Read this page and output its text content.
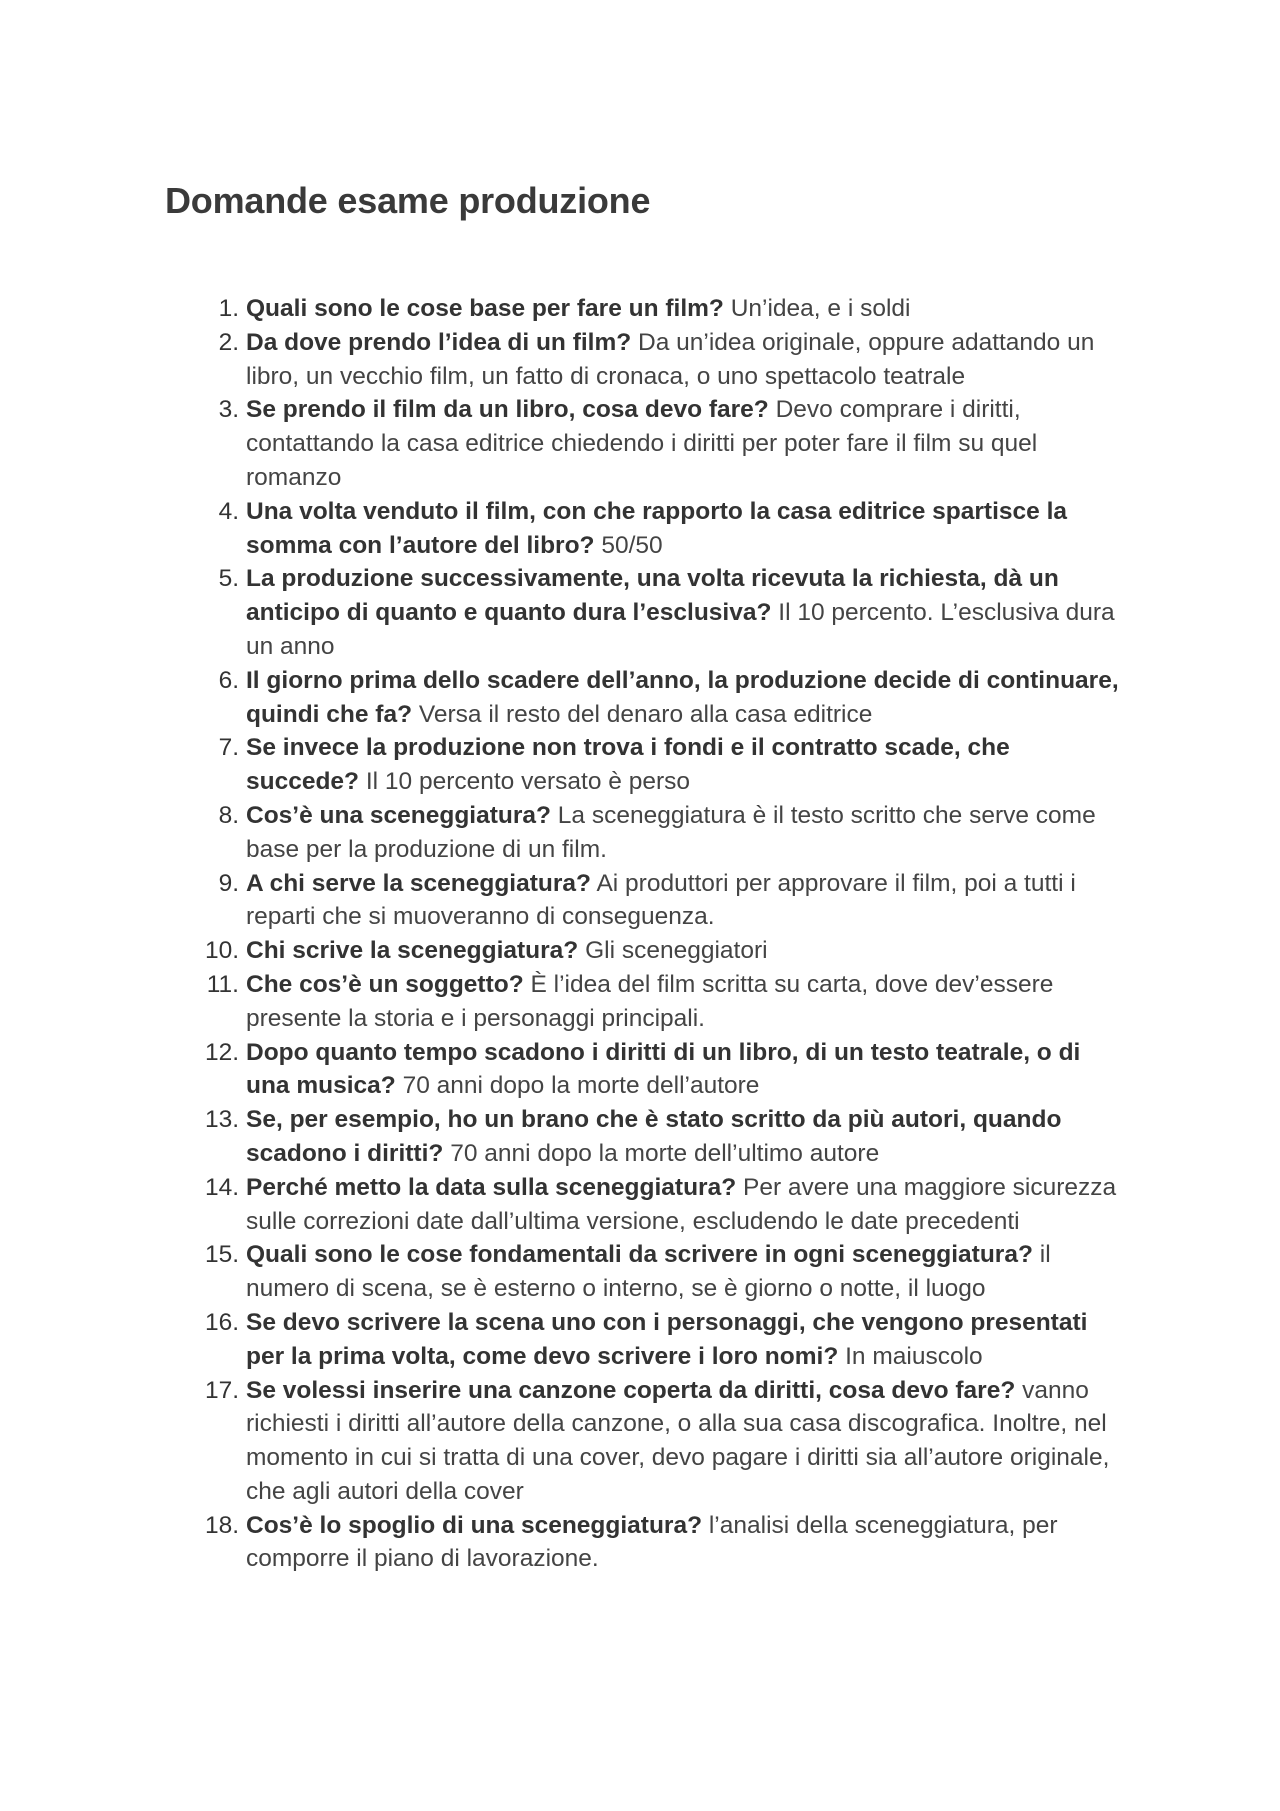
Domande esame produzione
1. Quali sono le cose base per fare un film? Un’idea, e i soldi
2. Da dove prendo l’idea di un film? Da un’idea originale, oppure adattando un libro, un vecchio film, un fatto di cronaca, o uno spettacolo teatrale
3. Se prendo il film da un libro, cosa devo fare? Devo comprare i diritti, contattando la casa editrice chiedendo i diritti per poter fare il film su quel romanzo
4. Una volta venduto il film, con che rapporto la casa editrice spartisce la somma con l’autore del libro? 50/50
5. La produzione successivamente, una volta ricevuta la richiesta, dà un anticipo di quanto e quanto dura l’esclusiva? Il 10 percento. L’esclusiva dura un anno
6. Il giorno prima dello scadere dell’anno, la produzione decide di continuare, quindi che fa? Versa il resto del denaro alla casa editrice
7. Se invece la produzione non trova i fondi e il contratto scade, che succede? Il 10 percento versato è perso
8. Cos’è una sceneggiatura? La sceneggiatura è il testo scritto che serve come base per la produzione di un film.
9. A chi serve la sceneggiatura? Ai produttori per approvare il film, poi a tutti i reparti che si muoveranno di conseguenza.
10. Chi scrive la sceneggiatura? Gli sceneggiatori
11. Che cos’è un soggetto? È l’idea del film scritta su carta, dove dev’essere presente la storia e i personaggi principali.
12. Dopo quanto tempo scadono i diritti di un libro, di un testo teatrale, o di una musica? 70 anni dopo la morte dell’autore
13. Se, per esempio, ho un brano che è stato scritto da più autori, quando scadono i diritti? 70 anni dopo la morte dell’ultimo autore
14. Perché metto la data sulla sceneggiatura? Per avere una maggiore sicurezza sulle correzioni date dall’ultima versione, escludendo le date precedenti
15. Quali sono le cose fondamentali da scrivere in ogni sceneggiatura? il numero di scena, se è esterno o interno, se è giorno o notte, il luogo
16. Se devo scrivere la scena uno con i personaggi, che vengono presentati per la prima volta, come devo scrivere i loro nomi? In maiuscolo
17. Se volessi inserire una canzone coperta da diritti, cosa devo fare? vanno richiesti i diritti all’autore della canzone, o alla sua casa discografica. Inoltre, nel momento in cui si tratta di una cover, devo pagare i diritti sia all’autore originale, che agli autori della cover
18. Cos’è lo spoglio di una sceneggiatura? l’analisi della sceneggiatura, per comporre il piano di lavorazione.
